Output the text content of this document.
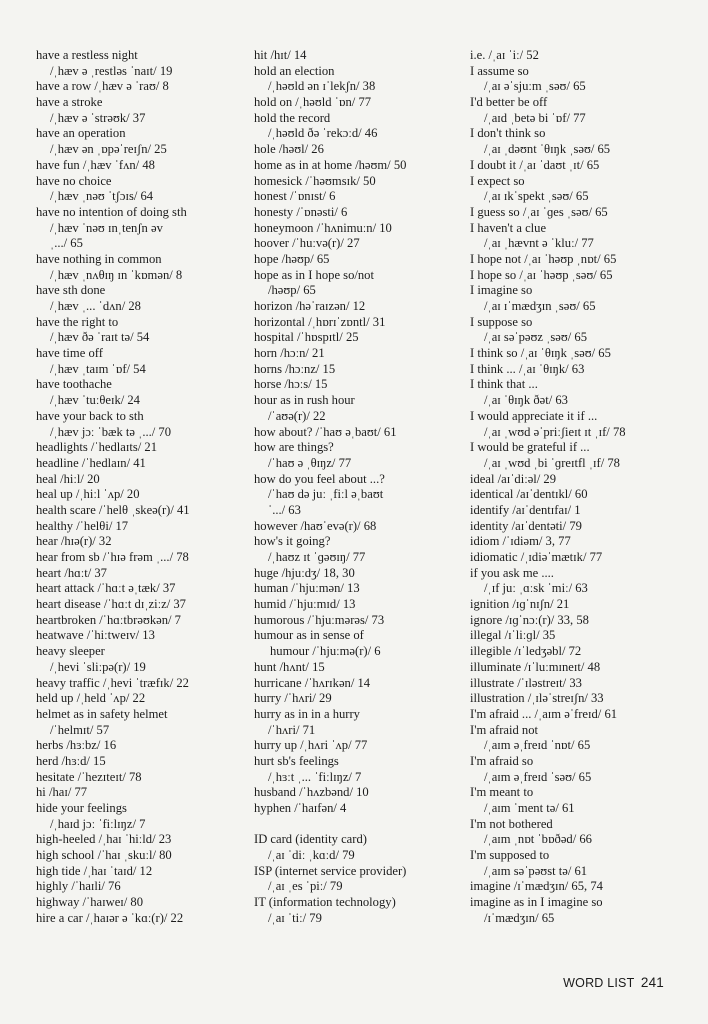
have a restless night
/ˌhæv ə ˌrestləs ˈnaɪt/ 19
have a row /ˌhæv ə ˈraʊ/ 8
have a stroke
/ˌhæv ə ˈstrəʊk/ 37
have an operation
/ˌhæv ən ˌɒpəˈreɪʃn/ 25
have fun /ˌhæv ˈfʌn/ 48
have no choice
/ˌhæv ˌnəʊ ˈtʃɔɪs/ 64
have no intention of doing sth
/ˌhæv ˈnəʊ ɪnˌtenʃn əv
ˌ.../ 65
have nothing in common
/ˌhæv ˌnʌθɪŋ ɪn ˈkɒmən/ 8
have sth done
/ˌhæv ˌ... ˈdʌn/ 28
have the right to
/ˌhæv ðə ˈraɪt tə/ 54
have time off
/ˌhæv ˌtaɪm ˈɒf/ 54
have toothache
/ˌhæv ˈtuːθeɪk/ 24
have your back to sth
/ˌhæv jɔː ˈbæk tə ˌ.../ 70
headlights /ˈhedlaɪts/ 21
headline /ˈhedlaɪn/ 41
heal /hiːl/ 20
heal up /ˌhiːl ˈʌp/ 20
health scare /ˈhelθ ˌskeə(r)/ 41
healthy /ˈhelθi/ 17
hear /hɪə(r)/ 32
hear from sb /ˈhɪə frəm ˌ.../ 78
heart /hɑːt/ 37
heart attack /ˈhɑːt əˌtæk/ 37
heart disease /ˈhɑːt dɪˌziːz/ 37
heartbroken /ˈhɑːtbrəʊkən/ 7
heatwave /ˈhiːtweɪv/ 13
heavy sleeper
/ˌhevi ˈsliːpə(r)/ 19
heavy traffic /ˌhevi ˈtræfɪk/ 22
held up /ˌheld ˈʌp/ 22
helmet as in safety helmet
/ˈhelmɪt/ 57
herbs /hɜːbz/ 16
herd /hɜːd/ 15
hesitate /ˈhezɪteɪt/ 78
hi /haɪ/ 77
hide your feelings
/ˌhaɪd jɔː ˈfiːlɪŋz/ 7
high-heeled /ˌhaɪ ˈhiːld/ 23
high school /ˈhaɪ ˌskuːl/ 80
high tide /ˌhaɪ ˈtaɪd/ 12
highly /ˈhaɪli/ 76
highway /ˈhaɪweɪ/ 80
hire a car /ˌhaɪər ə ˈkɑː(r)/ 22
hit /hɪt/ 14
hold an election
/ˌhəʊld ən ɪˈlekʃn/ 38
hold on /ˌhəʊld ˈɒn/ 77
hold the record
/ˌhəʊld ðə ˈrekɔːd/ 46
hole /həʊl/ 26
home as in at home /həʊm/ 50
homesick /ˈhəʊmsɪk/ 50
honest /ˈɒnɪst/ 6
honesty /ˈɒnəsti/ 6
honeymoon /ˈhʌnimuːn/ 10
hoover /ˈhuːvə(r)/ 27
hope /həʊp/ 65
hope as in I hope so/not
/həʊp/ 65
horizon /həˈraɪzən/ 12
horizontal /ˌhɒrɪˈzɒntl/ 31
hospital /ˈhɒspɪtl/ 25
horn /hɔːn/ 21
horns /hɔːnz/ 15
horse /hɔːs/ 15
hour as in rush hour
/ˈaʊə(r)/ 22
how about? /ˈhaʊ əˌbaʊt/ 61
how are things?
/ˈhaʊ ə ˌθɪŋz/ 77
how do you feel about ...?
/ˈhaʊ də juː ˌfiːl əˌbaʊt
ˈ.../ 63
however /haʊˈevə(r)/ 68
how's it going?
/ˌhaʊz ɪt ˈɡəʊɪŋ/ 77
huge /hjuːdʒ/ 18, 30
human /ˈhjuːmən/ 13
humid /ˈhjuːmɪd/ 13
humorous /ˈhjuːmərəs/ 73
humour as in sense of
humour /ˈhjuːmə(r)/ 6
hunt /hʌnt/ 15
hurricane /ˈhʌrɪkən/ 14
hurry /ˈhʌri/ 29
hurry as in in a hurry
/ˈhʌri/ 71
hurry up /ˌhʌri ˈʌp/ 77
hurt sb's feelings
/ˌhɜːt ˌ... ˈfiːlɪŋz/ 7
husband /ˈhʌzbənd/ 10
hyphen /ˈhaɪfən/ 4
ID card (identity card)
/ˌaɪ ˈdiː ˌkɑːd/ 79
ISP (internet service provider)
/ˌaɪ ˌes ˈpiː/ 79
IT (information technology)
/ˌaɪ ˈtiː/ 79
i.e. /ˌaɪ ˈiː/ 52
I assume so
/ˌaɪ əˈsjuːm ˌsəʊ/ 65
I'd better be off
/ˌaɪd ˌbetə bi ˈɒf/ 77
I don't think so
/ˌaɪ ˌdəʊnt ˈθɪŋk ˌsəʊ/ 65
I doubt it /ˌaɪ ˈdaʊt ˌɪt/ 65
I expect so
/ˌaɪ ɪkˈspekt ˌsəʊ/ 65
I guess so /ˌaɪ ˈɡes ˌsəʊ/ 65
I haven't a clue
/ˌaɪ ˌhævnt ə ˈkluː/ 77
I hope not /ˌaɪ ˈhəʊp ˌnɒt/ 65
I hope so /ˌaɪ ˈhəʊp ˌsəʊ/ 65
I imagine so
/ˌaɪ ɪˈmædʒɪn ˌsəʊ/ 65
I suppose so
/ˌaɪ səˈpəʊz ˌsəʊ/ 65
I think so /ˌaɪ ˈθɪŋk ˌsəʊ/ 65
I think ... /ˌaɪ ˈθɪŋk/ 63
I think that ...
/ˌaɪ ˈθɪŋk ðət/ 63
I would appreciate it if ...
/ˌaɪ ˌwʊd əˈpriːʃieɪt ɪt ˌɪf/ 78
I would be grateful if ...
/ˌaɪ ˌwʊd ˌbi ˈɡreɪtfl ˌɪf/ 78
ideal /aɪˈdiːəl/ 29
identical /aɪˈdentɪkl/ 60
identify /aɪˈdentɪfaɪ/ 1
identity /aɪˈdentəti/ 79
idiom /ˈɪdiəm/ 3, 77
idiomatic /ˌɪdiəˈmætɪk/ 77
if you ask me ....
/ˌɪf juː ˌɑːsk ˈmiː/ 63
ignition /ɪɡˈnɪʃn/ 21
ignore /ɪɡˈnɔː(r)/ 33, 58
illegal /ɪˈliːɡl/ 35
illegible /ɪˈledʒəbl/ 72
illuminate /ɪˈluːmɪneɪt/ 48
illustrate /ˈɪləstreɪt/ 33
illustration /ˌɪləˈstreɪʃn/ 33
I'm afraid ... /ˌaɪm əˈfreɪd/ 61
I'm afraid not
/ˌaɪm əˌfreɪd ˈnɒt/ 65
I'm afraid so
/ˌaɪm əˌfreɪd ˈsəʊ/ 65
I'm meant to
/ˌaɪm ˈment tə/ 61
I'm not bothered
/ˌaɪm ˌnɒt ˈbɒðəd/ 66
I'm supposed to
/ˌaɪm səˈpəʊst tə/ 61
imagine /ɪˈmædʒɪn/ 65, 74
imagine as in I imagine so
/ɪˈmædʒɪn/ 65
WORD LIST 241
